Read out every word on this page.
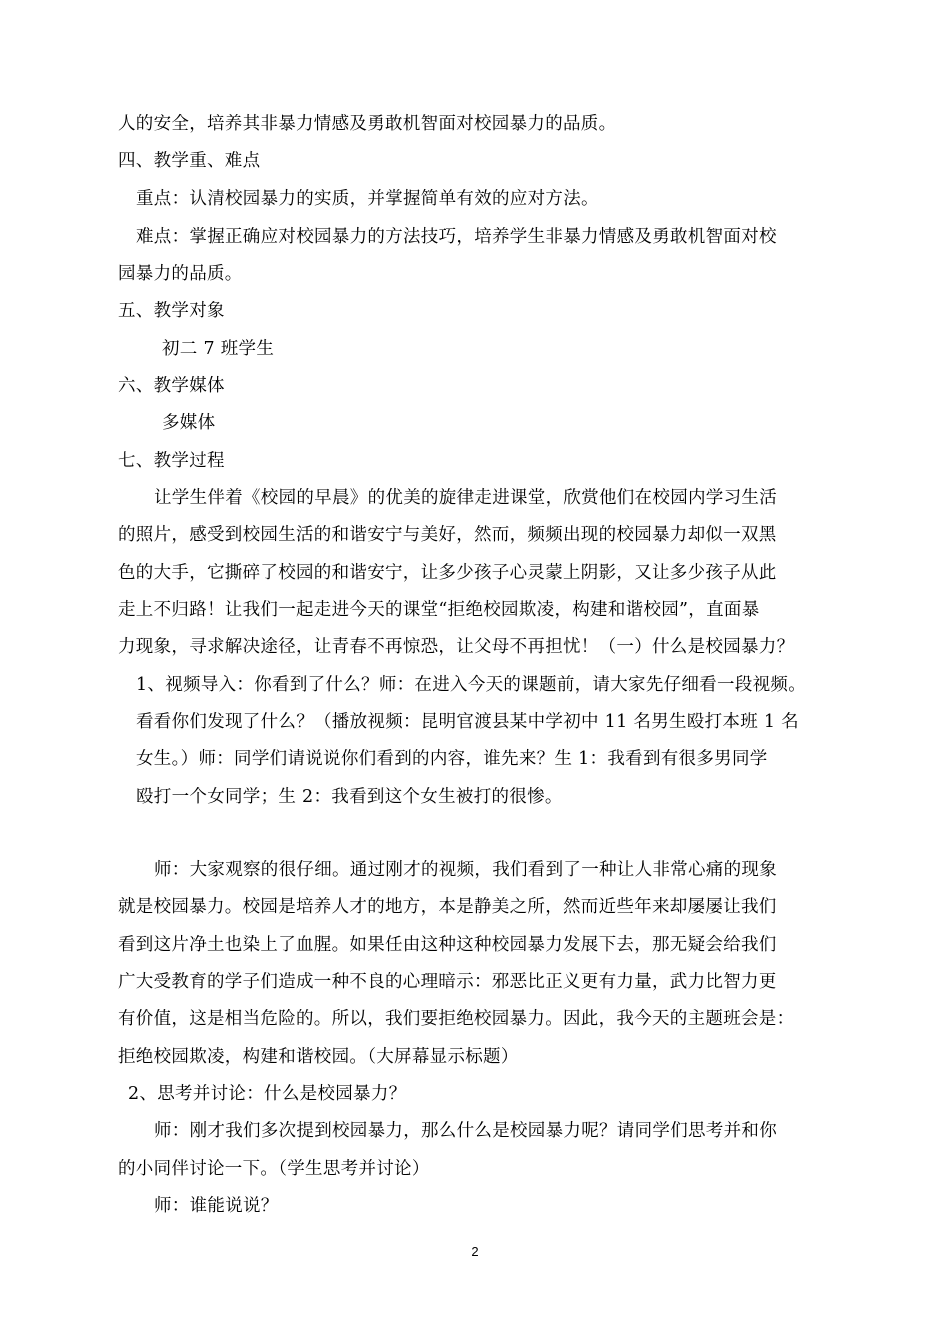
人的安全，培养其非暴力情感及勇敢机智面对校园暴力的品质。
四、教学重、难点
重点：认清校园暴力的实质，并掌握简单有效的应对方法。
难点：掌握正确应对校园暴力的方法技巧，培养学生非暴力情感及勇敢机智面对校
园暴力的品质。
五、教学对象
初二 7 班学生
六、教学媒体
多媒体
七、教学过程
让学生伴着《校园的早晨》的优美的旋律走进课堂，欣赏他们在校园内学习生活
的照片，感受到校园生活的和谐安宁与美好，然而，频频出现的校园暴力却似一双黑
色的大手，它撕碎了校园的和谐安宁，让多少孩子心灵蒙上阴影，又让多少孩子从此
走上不归路！让我们一起走进今天的课堂“拒绝校园欺凌，构建和谐校园”，直面暴
力现象，寻求解决途径，让青春不再惊恐，让父母不再担忧！（一）什么是校园暴力？
1、视频导入：你看到了什么？师：在进入今天的课题前，请大家先仔细看一段视频。
看看你们发现了什么？（播放视频：昆明官渡县某中学初中 11 名男生殴打本班 1 名
女生。）师：同学们请说说你们看到的内容，谁先来？生 1：我看到有很多男同学
殴打一个女同学；生 2：我看到这个女生被打的很惨。
师：大家观察的很仔细。通过刚才的视频，我们看到了一种让人非常心痛的现象
就是校园暴力。校园是培养人才的地方，本是静美之所，然而近些年来却屡屡让我们
看到这片净土也染上了血腥。如果任由这种这种校园暴力发展下去，那无疑会给我们
广大受教育的学子们造成一种不良的心理暗示：邪恶比正义更有力量，武力比智力更
有价值，这是相当危险的。所以，我们要拒绝校园暴力。因此，我今天的主题班会是：
拒绝校园欺凌，构建和谐校园。（大屏幕显示标题）
2、思考并讨论：什么是校园暴力？
师：刚才我们多次提到校园暴力，那么什么是校园暴力呢？请同学们思考并和你
的小同伴讨论一下。（学生思考并讨论）
师：谁能说说？
2
